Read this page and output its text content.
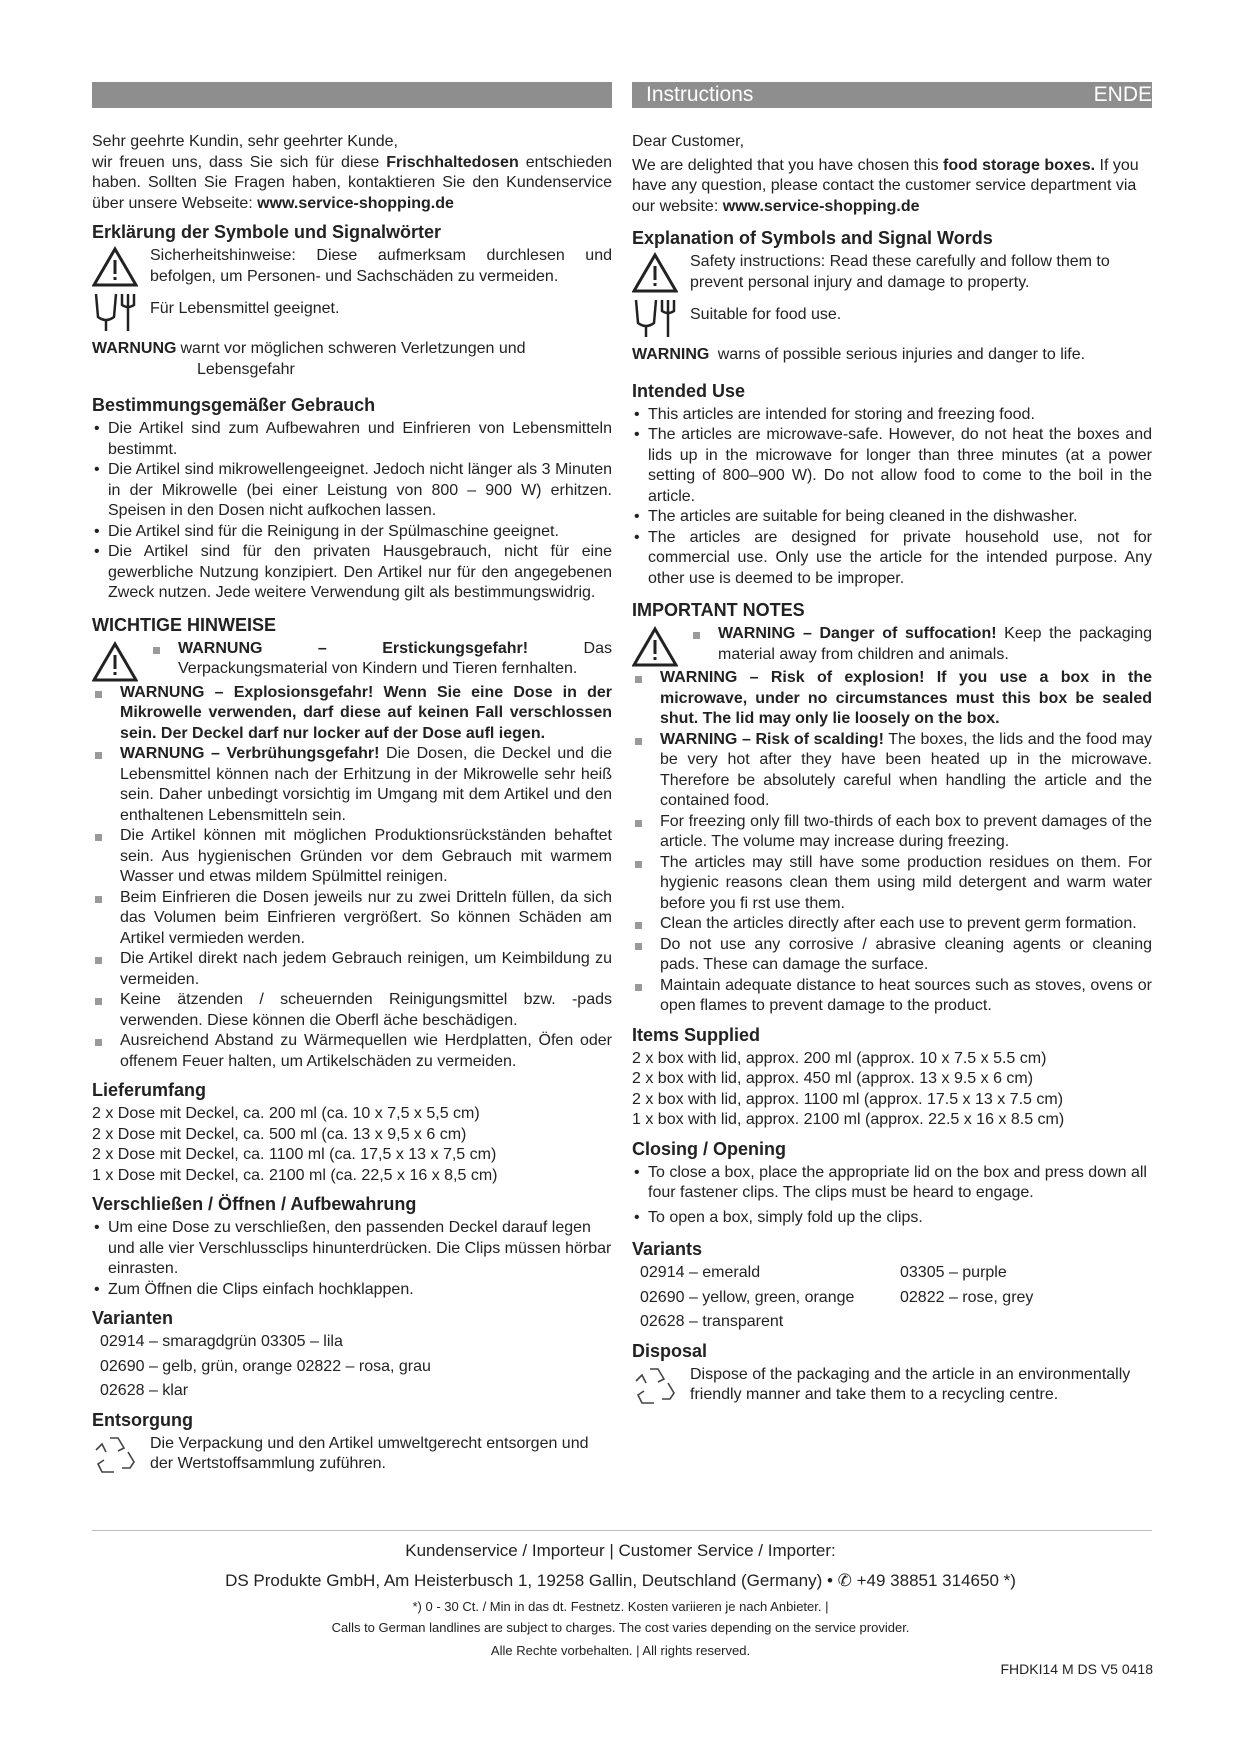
Instructions	ENDE

Sehr geehrte Kundin, sehr geehrter Kunde,

wir freuen uns, dass Sie sich für diese Frischhaltedosen entschieden haben. Sollten Sie Fragen haben, kontaktieren Sie den Kundenservice über unsere Webseite: www.service-shopping.de

Erklärung der Symbole und Signalwörter

Sicherheitshinweise: Diese aufmerksam durchlesen und befolgen, um Personen- und Sachschäden zu vermeiden.

Für Lebensmittel geeignet.

WARNUNG warnt vor möglichen schweren Verletzungen und

Lebensgefahr

Bestimmungsgemäßer Gebrauch
• Die Artikel sind zum Aufbewahren und Einfrieren von Lebensmitteln bestimmt.
• Die Artikel sind mikrowellengeeignet. Jedoch nicht länger als 3 Minuten in der Mikrowelle (bei einer Leistung von 800 – 900 W) erhitzen. Speisen in den Dosen nicht aufkochen lassen.
• Die Artikel sind für die Reinigung in der Spülmaschine geeignet.
• Die Artikel sind für den privaten Hausgebrauch, nicht für eine gewerbliche Nutzung konzipiert. Den Artikel nur für den angegebenen Zweck nutzen. Jede weitere Verwendung gilt als bestimmungswidrig.
WICHTIGE HINWEISE
WARNUNG – Erstickungsgefahr! Das Verpackungsmaterial von Kindern und Tieren fernhalten.
WARNUNG – Explosionsgefahr! Wenn Sie eine Dose in der Mikrowelle verwenden, darf diese auf keinen Fall verschlossen sein. Der Deckel darf nur locker auf der Dose aufl iegen.
WARNUNG – Verbrühungsgefahr! Die Dosen, die Deckel und die Lebensmittel können nach der Erhitzung in der Mikrowelle sehr heiß sein. Daher unbedingt vorsichtig im Umgang mit dem Artikel und den enthaltenen Lebensmitteln sein.
Die Artikel können mit möglichen Produktionsrückständen behaftet sein. Aus hygienischen Gründen vor dem Gebrauch mit warmem Wasser und etwas mildem Spülmittel reinigen.
Beim Einfrieren die Dosen jeweils nur zu zwei Dritteln füllen, da sich das Volumen beim Einfrieren vergrößert. So können Schäden am Artikel vermieden werden.
Die Artikel direkt nach jedem Gebrauch reinigen, um Keimbildung zu vermeiden.
Keine ätzenden / scheuernden Reinigungsmittel bzw. -pads verwenden. Diese können die Oberfl äche beschädigen.
Ausreichend Abstand zu Wärmequellen wie Herdplatten, Öfen oder offenem Feuer halten, um Artikelschäden zu vermeiden.
Lieferumfang

2 x Dose mit Deckel, ca. 200 ml (ca. 10 x 7,5 x 5,5 cm)

2 x Dose mit Deckel, ca. 500 ml (ca. 13 x 9,5 x 6 cm)

2 x Dose mit Deckel, ca. 1100 ml (ca. 17,5 x 13 x 7,5 cm)

1 x Dose mit Deckel, ca. 2100 ml (ca. 22,5 x 16 x 8,5 cm)

Verschließen / Öffnen / Aufbewahrung
• Um eine Dose zu verschließen, den passenden Deckel darauf legen und alle vier Verschlussclips hinunterdrücken. Die Clips müssen hörbar einrasten.
• Zum Öffnen die Clips einfach hochklappen.
Varianten
02914 – smaragdgrün 03305 – lila
02690 – gelb, grün, orange 02822 – rosa, grau
02628 – klar
Entsorgung

Die Verpackung und den Artikel umweltgerecht entsorgen und der Wertstoffsammlung zuführen.

Dear Customer,

We are delighted that you have chosen this food storage boxes. If you have any question, please contact the customer service department via our website: www.service-shopping.de

Explanation of Symbols and Signal Words

Safety instructions: Read these carefully and follow them to prevent personal injury and damage to property.

Suitable for food use.

WARNING warns of possible serious injuries and danger to life.

Intended Use
• This articles are intended for storing and freezing food.
• The articles are microwave-safe. However, do not heat the boxes and lids up in the microwave for longer than three minutes (at a power setting of 800–900 W). Do not allow food to come to the boil in the article.
• The articles are suitable for being cleaned in the dishwasher.
• The articles are designed for private household use, not for commercial use. Only use the article for the intended purpose. Any other use is deemed to be improper.
IMPORTANT NOTES
WARNING – Danger of suffocation! Keep the packaging material away from children and animals.
WARNING – Risk of explosion! If you use a box in the microwave, under no circumstances must this box be sealed shut. The lid may only lie loosely on the box.
WARNING – Risk of scalding! The boxes, the lids and the food may be very hot after they have been heated up in the microwave. Therefore be absolutely careful when handling the article and the contained food.
For freezing only fill two-thirds of each box to prevent damages of the article. The volume may increase during freezing.
The articles may still have some production residues on them. For hygienic reasons clean them using mild detergent and warm water before you fi rst use them.
Clean the articles directly after each use to prevent germ formation.
Do not use any corrosive / abrasive cleaning agents or cleaning pads. These can damage the surface.
Maintain adequate distance to heat sources such as stoves, ovens or open flames to prevent damage to the product.
Items Supplied

2 x box with lid, approx. 200 ml (approx. 10 x 7.5 x 5.5 cm)

2 x box with lid, approx. 450 ml (approx. 13 x 9.5 x 6 cm)

2 x box with lid, approx. 1100 ml (approx. 17.5 x 13 x 7.5 cm)

1 x box with lid, approx. 2100 ml (approx. 22.5 x 16 x 8.5 cm)

Closing / Opening
• To close a box, place the appropriate lid on the box and press down all four fastener clips. The clips must be heard to engage.
• To open a box, simply fold up the clips.
Variants
02914 – emerald	03305 – purple
02690 – yellow, green, orange	02822 – rose, grey
02628 – transparent
Disposal

Dispose of the packaging and the article in an environmentally friendly manner and take them to a recycling centre.

Kundenservice / Importeur | Customer Service / Importer:
DS Produkte GmbH, Am Heisterbusch 1, 19258 Gallin, Deutschland (Germany) • ✆ +49 38851 314650 *)
*) 0 - 30 Ct. / Min in das dt. Festnetz. Kosten variieren je nach Anbieter. |
Calls to German landlines are subject to charges. The cost varies depending on the service provider.
Alle Rechte vorbehalten. | All rights reserved.
FHDKI14 M DS V5 0418
